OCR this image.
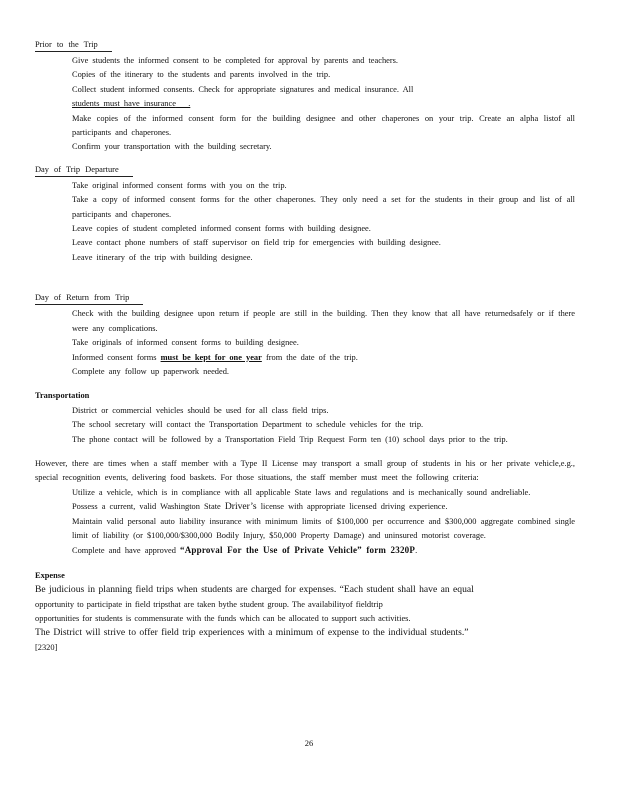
Prior to the Trip
Give students the informed consent to be completed for approval by parents and teachers.
Copies of the itinerary to the students and parents involved in the trip.
Collect student informed consents. Check for appropriate signatures and medical insurance. All
students must have insurance   .
Make copies of the informed consent form for the building designee and other chaperones on your trip. Create an alpha listof all participants and chaperones.
Confirm your transportation with the building secretary.
Day of Trip Departure
Take original informed consent forms with you on the trip.
Take a copy of informed consent forms for the other chaperones. They only need a set for the students in their group and list of all participants and chaperones.
Leave copies of student completed informed consent forms with building designee.
Leave contact phone numbers of staff supervisor on field trip for emergencies with building designee.
Leave itinerary of the trip with building designee.
Day of Return from Trip
Check with the building designee upon return if people are still in the building. Then they know that all have returnedsafely or if there were any complications.
Take originals of informed consent forms to building designee.
Informed consent forms must be kept for one year from the date of the trip.
Complete any follow up paperwork needed.
Transportation
District or commercial vehicles should be used for all class field trips.
The school secretary will contact the Transportation Department to schedule vehicles for the trip.
The phone contact will be followed by a Transportation Field Trip Request Form ten (10) school days prior to the trip.
However, there are times when a staff member with a Type II License may transport a small group of students in his or her private vehicle,e.g., special recognition events, delivering food baskets. For those situations, the staff member must meet the following criteria:
Utilize a vehicle, which is in compliance with all applicable State laws and regulations and is mechanically sound andreliable.
Possess a current, valid Washington State Driver’s license with appropriate licensed driving experience.
Maintain valid personal auto liability insurance with minimum limits of $100,000 per occurrence and $300,000 aggregate combined single limit of liability (or $100,000/$300,000 Bodily Injury, $50,000 Property Damage) and uninsured motorist coverage.
Complete and have approved “Approval For the Use of Private Vehicle” form 2320P.
Expense
Be judicious in planning field trips when students are charged for expenses. “Each student shall have an equal
opportunity to participate in field tripsthat are taken bythe student group. The availabilityof fieldtrip
opportunities for students is commensurate with the funds which can be allocated to support such activities.
The District will strive to offer field trip experiences with a minimum of expense to the individual students.”
[2320]
26
